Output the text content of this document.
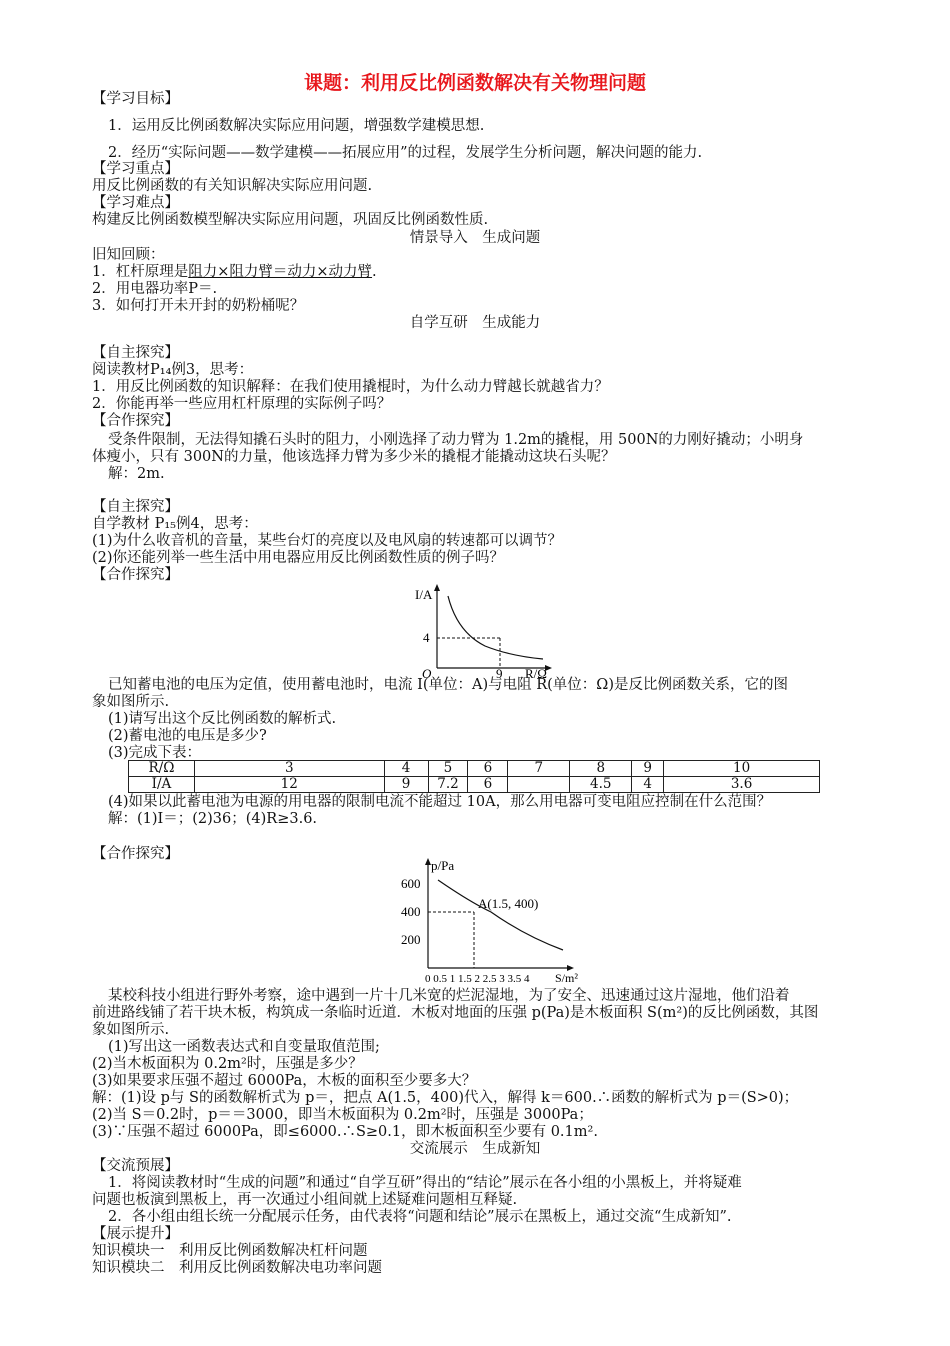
课题：利用反比例函数解决有关物理问题
【学习目标】
1．运用反比例函数解决实际应用问题，增强数学建模思想.
2．经历“实际问题——数学建模——拓展应用”的过程，发展学生分析问题，解决问题的能力.
【学习重点】
用反比例函数的有关知识解决实际应用问题.
【学习难点】
构建反比例函数模型解决实际应用问题，巩固反比例函数性质.
情景导入　生成问题
旧知回顾：
1．杠杆原理是阻力×阻力臂＝动力×动力臂.
2．用电器功率P＝.
3．如何打开未开封的奶粉桶呢？
自学互研　生成能力
【自主探究】
阅读教材P₁₄例3，思考：
1．用反比例函数的知识解释：在我们使用撬棍时，为什么动力臂越长就越省力？
2．你能再举一些应用杠杆原理的实际例子吗？
【合作探究】
受条件限制，无法得知撬石头时的阻力，小刚选择了动力臂为 1.2m的撬棍，用 500N的力刚好撬动；小明身
体瘦小，只有 300N的力量，他该选择力臂为多少米的撬棍才能撬动这块石头呢？
解：2m.
【自主探究】
自学教材 P₁₅例4，思考：
(1)为什么收音机的音量，某些台灯的亮度以及电风扇的转速都可以调节？
(2)你还能列举一些生活中用电器应用反比例函数性质的例子吗？
【合作探究】
I/A
4
O	9 R/Ω
已知蓄电池的电压为定值，使用蓄电池时，电流 I(单位：A)与电阻 R(单位：Ω)是反比例函数关系，它的图
象如图所示.
(1)请写出这个反比例函数的解析式.
(2)蓄电池的电压是多少?
(3)完成下表：
R/Ω	3	4	5	6	7	8	9	10
I/A	12	9	7.2	6		4.5	4	3.6
(4)如果以此蓄电池为电源的用电器的限制电流不能超过 10A，那么用电器可变电阻应控制在什么范围？
解：(1)I＝；(2)36；(4)R≥3.6.
【合作探究】
p/Pa
600
400
200
A(1.5, 400)
0 0.5 1 1.5 2 2.5 3 3.5 4 S/m²
某校科技小组进行野外考察，途中遇到一片十几米宽的烂泥湿地，为了安全、迅速通过这片湿地，他们沿着
前进路线铺了若干块木板，构筑成一条临时近道．木板对地面的压强 p(Pa)是木板面积 S(m²)的反比例函数，其图
象如图所示.
(1)写出这一函数表达式和自变量取值范围;
(2)当木板面积为 0.2m²时，压强是多少？
(3)如果要求压强不超过 6000Pa，木板的面积至少要多大？
解：(1)设 p与 S的函数解析式为 p＝，把点 A(1.5，400)代入，解得 k＝600.∴函数的解析式为 p＝(S>0)；
(2)当 S＝0.2时，p＝＝3000，即当木板面积为 0.2m²时，压强是 3000Pa；
(3)∵压强不超过 6000Pa，即≤6000.∴S≥0.1，即木板面积至少要有 0.1m².
交流展示　生成新知
【交流预展】
1．将阅读教材时“生成的问题”和通过“自学互研”得出的“结论”展示在各小组的小黑板上，并将疑难
问题也板演到黑板上，再一次通过小组间就上述疑难问题相互释疑.
2．各小组由组长统一分配展示任务，由代表将“问题和结论”展示在黑板上，通过交流“生成新知”.
【展示提升】
知识模块一　利用反比例函数解决杠杆问题
知识模块二　利用反比例函数解决电功率问题
